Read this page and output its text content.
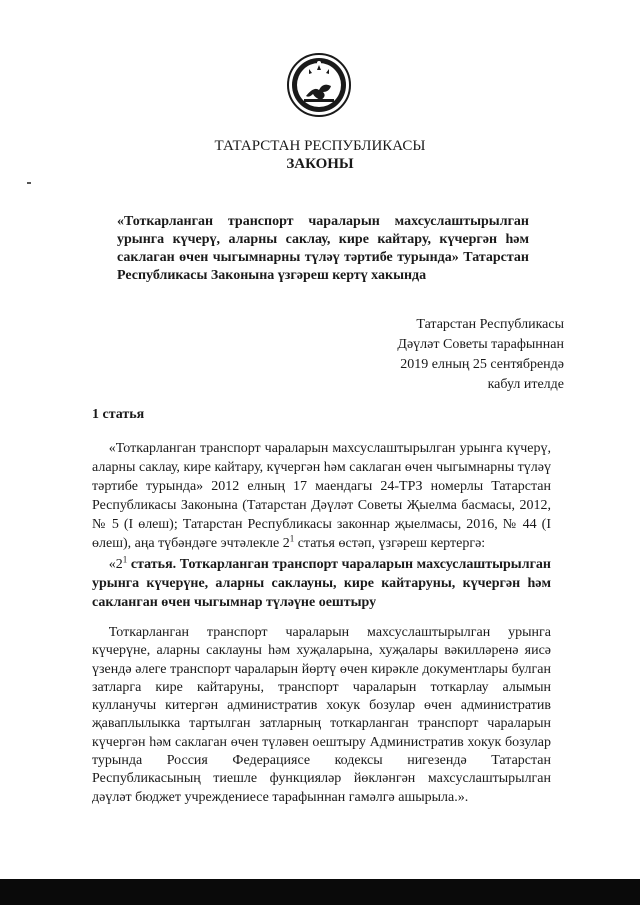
ТАТАРСТАН РЕСПУБЛИКАСЫ
ЗАКОНЫ
«Тоткарланган транспорт чараларын махсуслаштырылган урынга күчерү, аларны саклау, кире кайтару, күчергән һәм саклаган өчен чыгымнарны түләү тәртибе турында» Татарстан Республикасы Законына үзгәреш кертү хакында
Татарстан Республикасы
Дәүләт Советы тарафыннан
2019 елның 25 сентябрендә
кабул ителде
1 статья
«Тоткарланган транспорт чараларын махсуслаштырылган урынга күчерү, аларны саклау, кире кайтару, күчергән һәм саклаган өчен чыгымнарны түләү тәртибе турында» 2012 елның 17 маендагы 24-ТРЗ номерлы Татарстан Республикасы Законына (Татарстан Дәүләт Советы Җыелма басмасы, 2012, № 5 (I өлеш); Татарстан Республикасы законнар җыелмасы, 2016, № 44 (I өлеш), аңа түбәндәге эчтәлекле $2^1$ статья өстәп, үзгәреш кертергә:
«$2^1$ статья. Тоткарланган транспорт чараларын махсуслаштырылган урынга күчерүне, аларны саклауны, кире кайтаруны, күчергән һәм сакланган өчен чыгымнар түләүне оештыру
Тоткарланган транспорт чараларын махсуслаштырылган урынга күчерүне, аларны саклауны һәм хуҗаларына, хуҗалары вәкилләренә яисә үзендә әлеге транспорт чараларын йөртү өчен кирәкле документлары булган затларга кире кайтаруны, транспорт чараларын тоткарлау алымын кулланучы китергән административ хокук бозулар өчен административ җаваплылыкка тартылган затларның тоткарланган транспорт чараларын күчергән һәм саклаган өчен түләвен оештыру Административ хокук бозулар турында Россия Федерациясе кодексы нигезендә Татарстан Республикасының тиешле функцияләр йөкләнгән махсуслаштырылган дәүләт бюджет учреждениесе тарафыннан гамәлгә ашырыла.».
